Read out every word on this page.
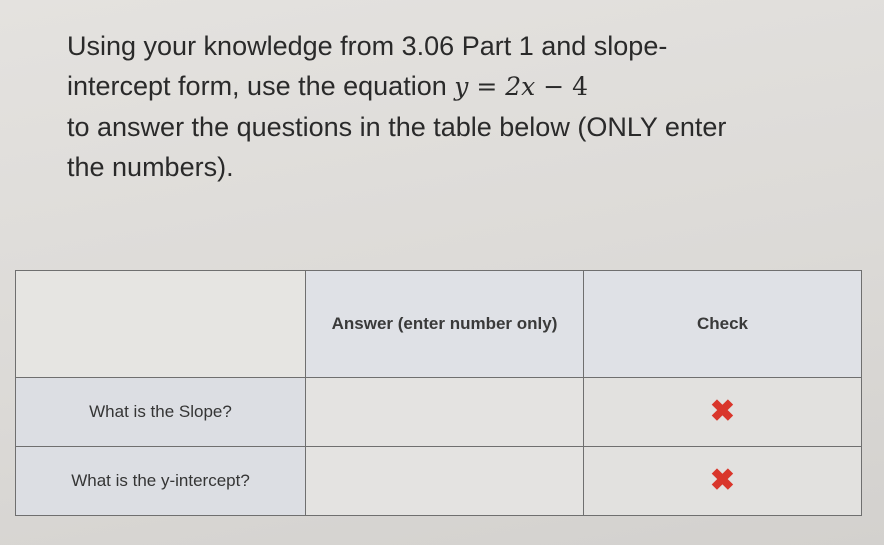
Using your knowledge from 3.06 Part 1 and slope-
intercept form, use the equation y = 2x − 4
to answer the questions in the table below (ONLY enter
the numbers).
	Answer (enter number only)	Check
What is the Slope?		✖
What is the y-intercept?		✖
